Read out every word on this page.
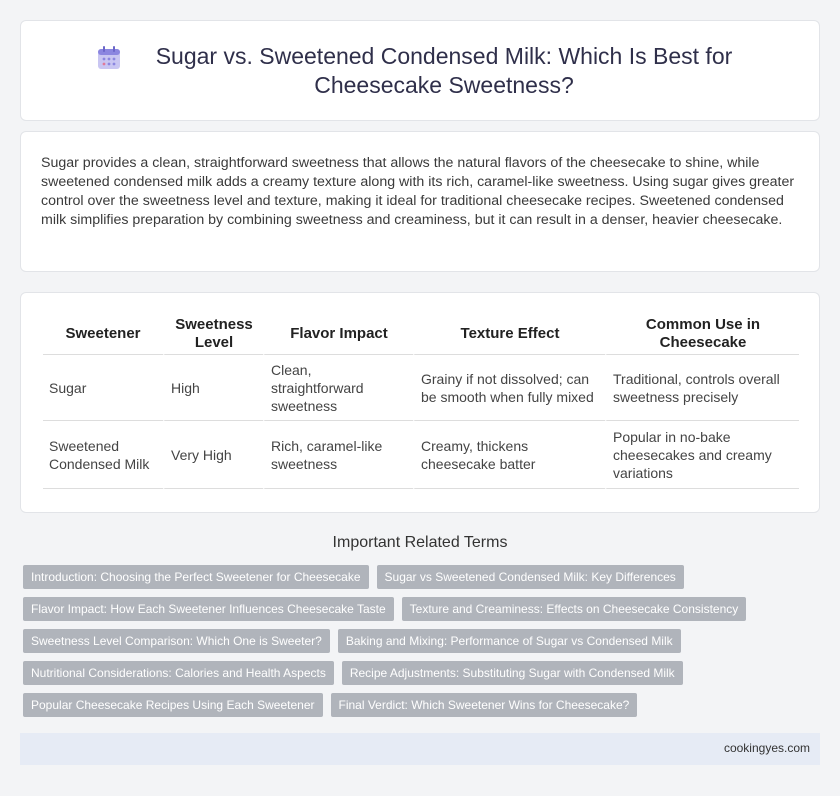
Sugar vs. Sweetened Condensed Milk: Which Is Best for Cheesecake Sweetness?

Sugar provides a clean, straightforward sweetness that allows the natural flavors of the cheesecake to shine, while sweetened condensed milk adds a creamy texture along with its rich, caramel-like sweetness. Using sugar gives greater control over the sweetness level and texture, making it ideal for traditional cheesecake recipes. Sweetened condensed milk simplifies preparation by combining sweetness and creaminess, but it can result in a denser, heavier cheesecake.

Sweetener	Sweetness Level	Flavor Impact	Texture Effect	Common Use in Cheesecake
Sugar	High	Clean, straightforward sweetness	Grainy if not dissolved; can be smooth when fully mixed	Traditional, controls overall sweetness precisely
Sweetened Condensed Milk	Very High	Rich, caramel-like sweetness	Creamy, thickens cheesecake batter	Popular in no-bake cheesecakes and creamy variations
Important Related Terms
Introduction: Choosing the Perfect Sweetener for Cheesecake	Sugar vs Sweetened Condensed Milk: Key Differences
Flavor Impact: How Each Sweetener Influences Cheesecake Taste	Texture and Creaminess: Effects on Cheesecake Consistency
Sweetness Level Comparison: Which One is Sweeter?	Baking and Mixing: Performance of Sugar vs Condensed Milk
Nutritional Considerations: Calories and Health Aspects	Recipe Adjustments: Substituting Sugar with Condensed Milk
Popular Cheesecake Recipes Using Each Sweetener	Final Verdict: Which Sweetener Wins for Cheesecake?
cookingyes.com
